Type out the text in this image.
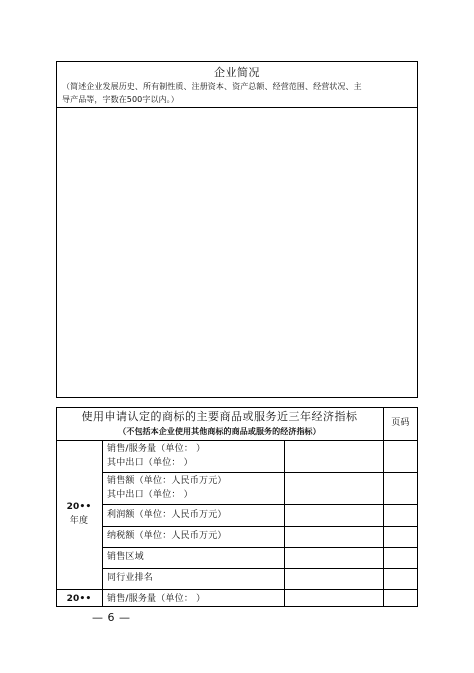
企业简况
（简述企业发展历史、所有制性质、注册资本、资产总额、经营范围、经营状况、主
导产品等，字数在500字以内。）
使用申请认定的商标的主要商品或服务近三年经济指标
（不包括本企业使用其他商标的商品或服务的经济指标）
页码
20••
年度
销售/服务量（单位： ）
其中出口（单位： ）
销售额（单位：人民币万元）
其中出口（单位： ）
利润额（单位：人民币万元）
纳税额（单位：人民币万元）
销售区域
同行业排名
20••	销售/服务量（单位： ）
— 6 —
